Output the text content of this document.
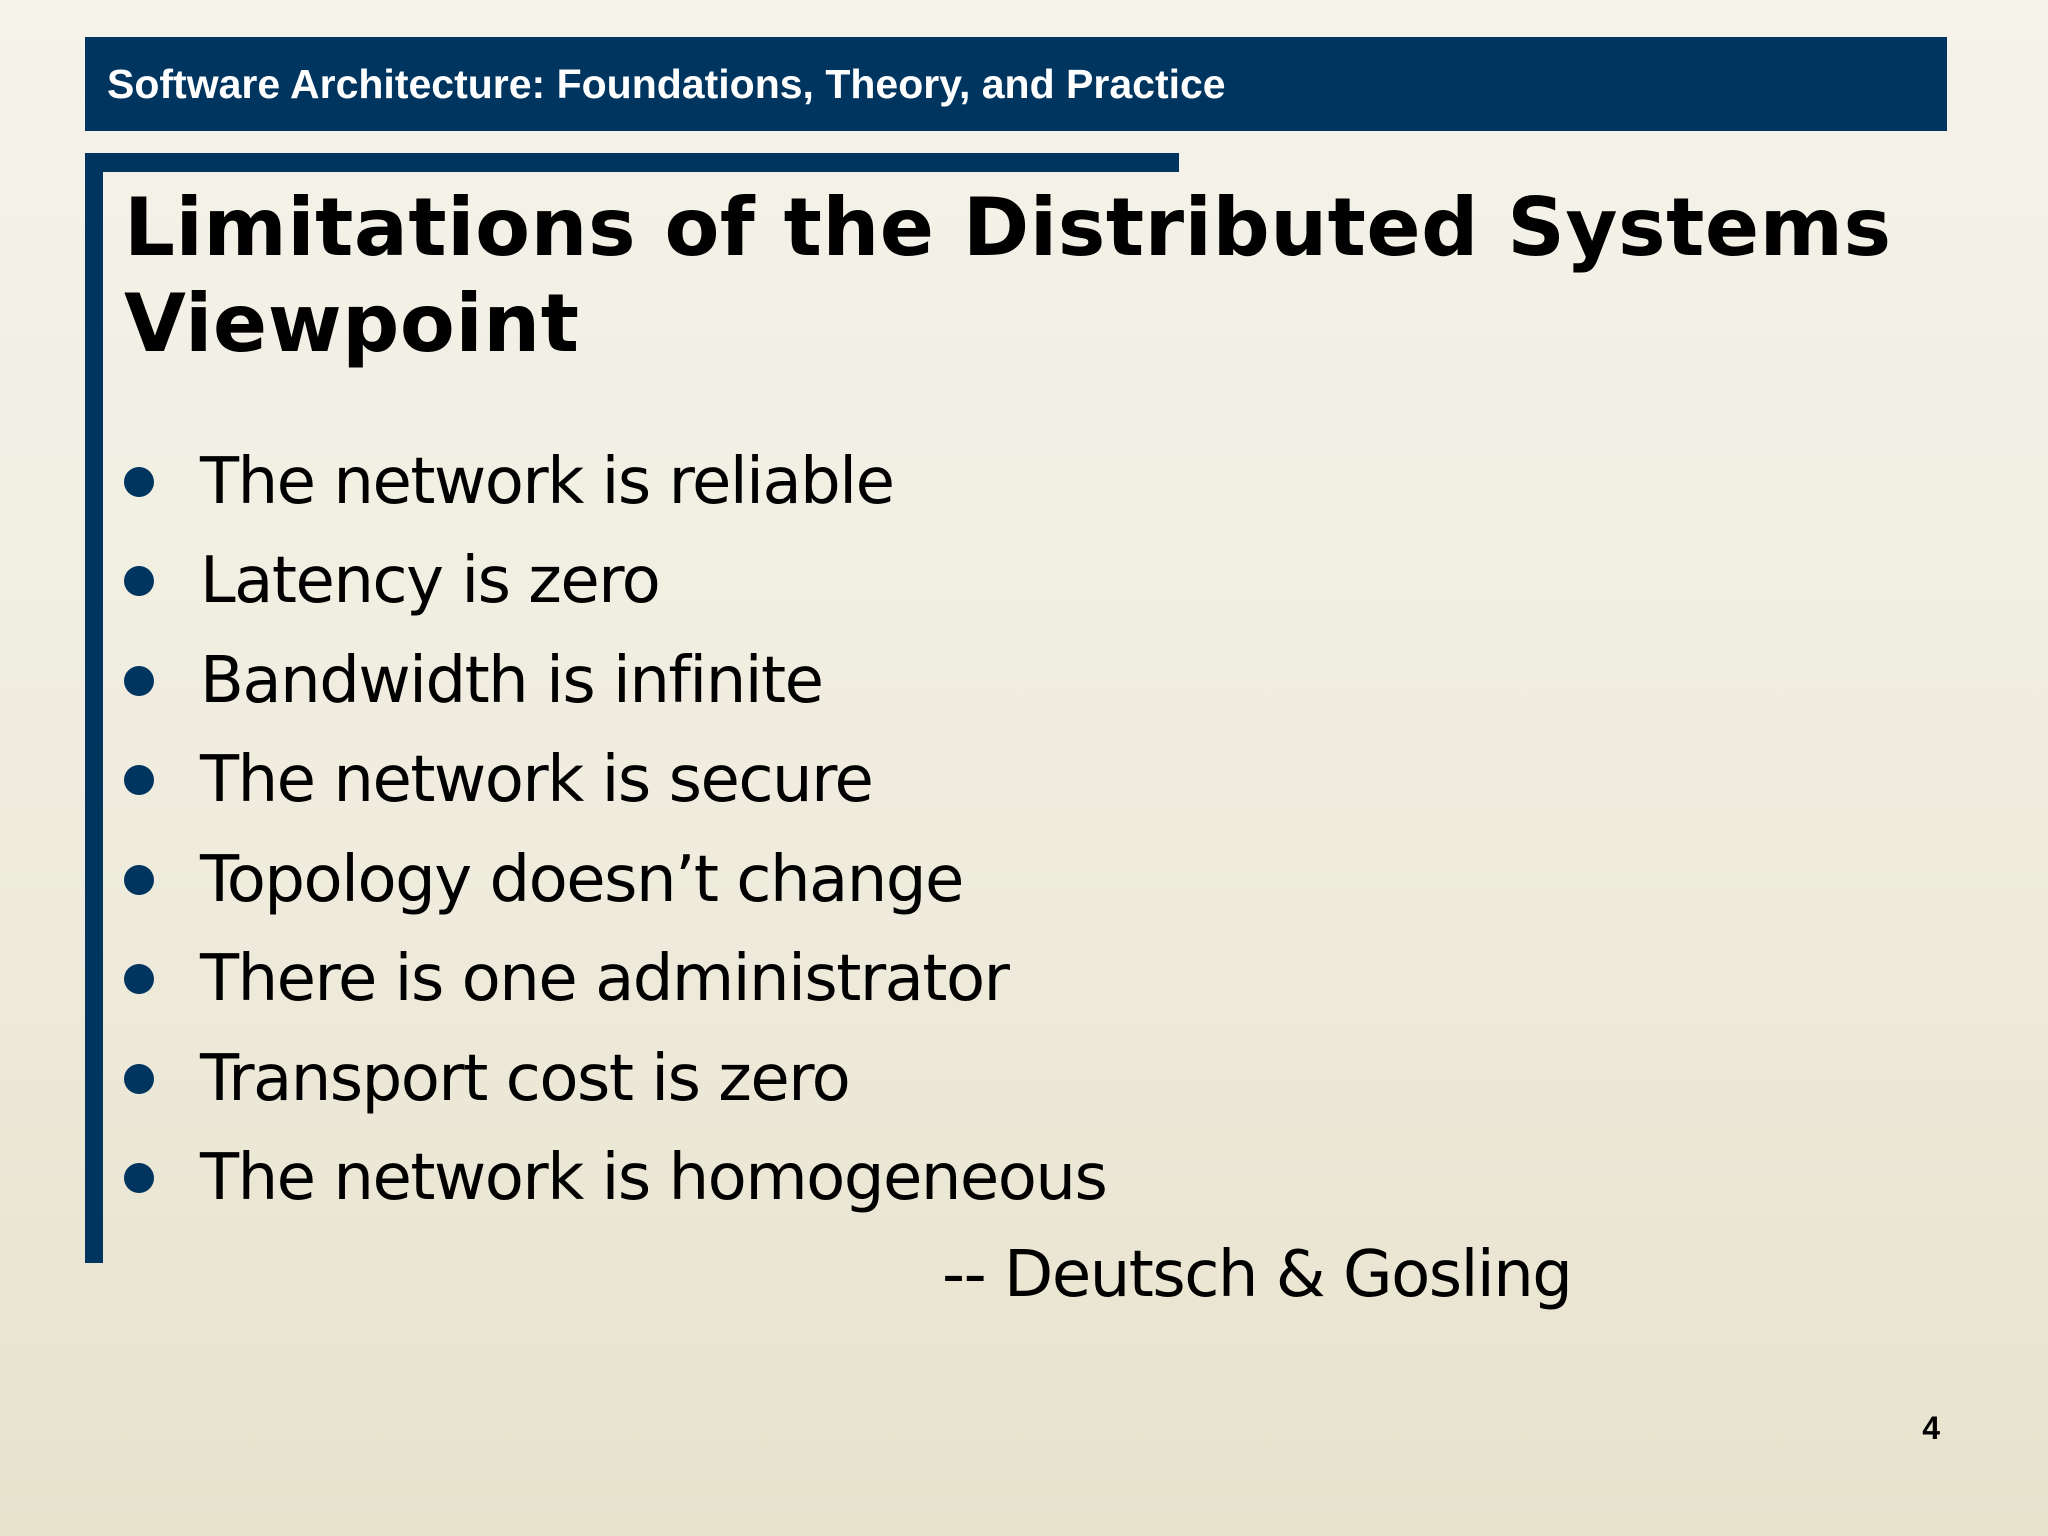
Software Architecture: Foundations, Theory, and Practice
Limitations of the Distributed Systems Viewpoint
The network is reliable
Latency is zero
Bandwidth is infinite
The network is secure
Topology doesn’t change
There is one administrator
Transport cost is zero
The network is homogeneous
-- Deutsch & Gosling
4
